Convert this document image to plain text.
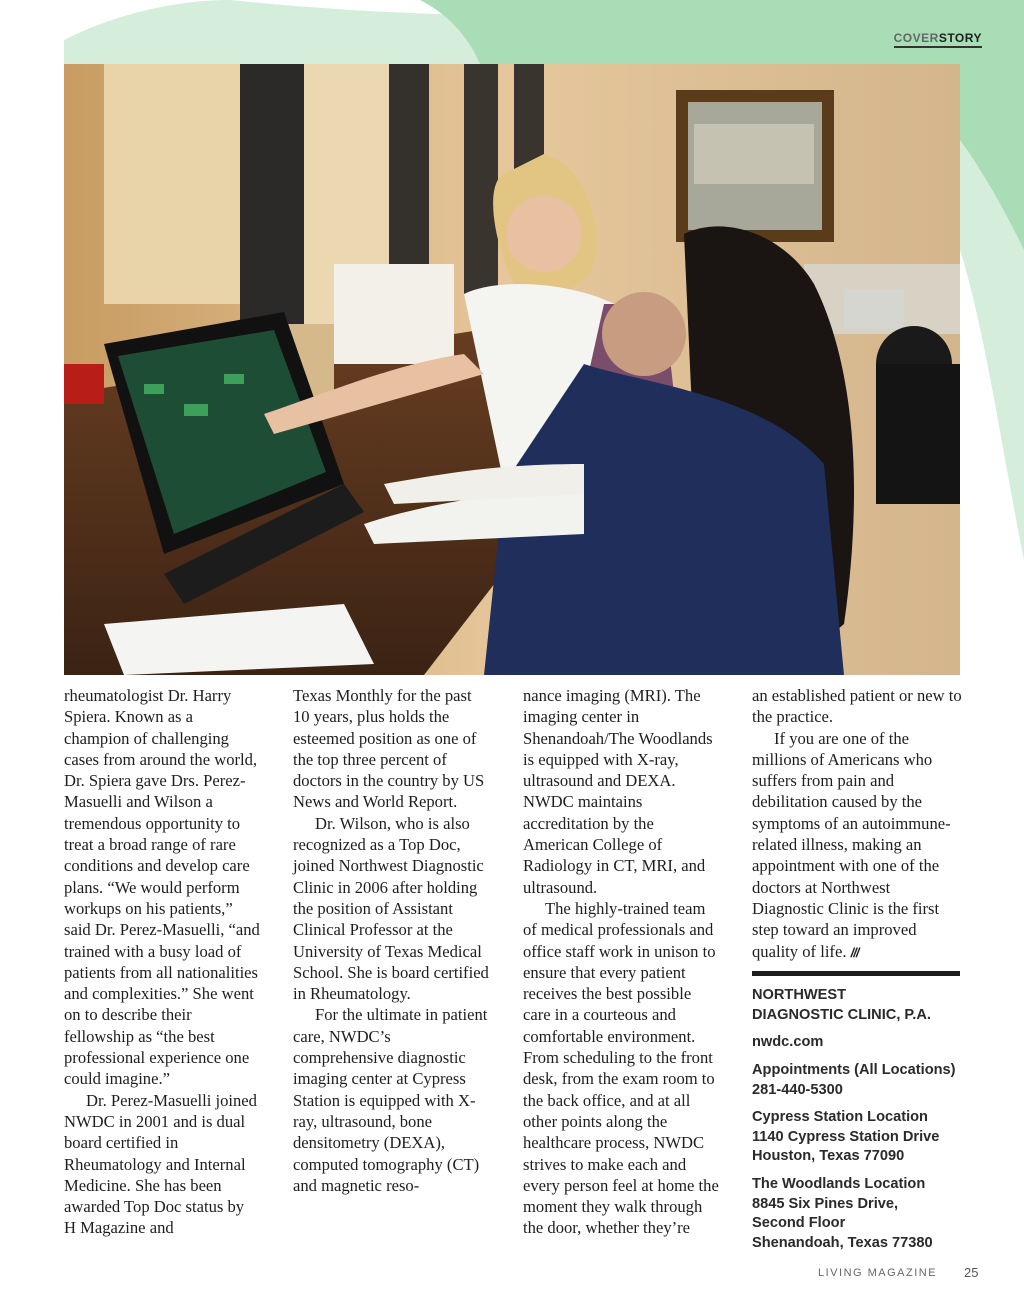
COVERSTORY

rheumatologist Dr. Harry Spiera. Known as a champion of challenging cases from around the world, Dr. Spiera gave Drs. Perez-Masuelli and Wilson a tremendous opportunity to treat a broad range of rare conditions and develop care plans. “We would perform workups on his patients,” said Dr. Perez-Masuelli, “and trained with a busy load of patients from all nationalities and complexities.” She went on to describe their fellowship as “the best professional experience one could imagine.”

Dr. Perez-Masuelli joined NWDC in 2001 and is dual board certified in Rheumatology and Internal Medicine. She has been awarded Top Doc status by H Magazine and

Texas Monthly for the past 10 years, plus holds the esteemed position as one of the top three percent of doctors in the country by US News and World Report.

Dr. Wilson, who is also recognized as a Top Doc, joined Northwest Diagnostic Clinic in 2006 after holding the position of Assistant Clinical Professor at the University of Texas Medical School. She is board certified in Rheumatology.

For the ultimate in patient care, NWDC’s comprehensive diagnostic imaging center at Cypress Station is equipped with X-ray, ultrasound, bone densitometry (DEXA), computed tomography (CT) and magnetic reso-

nance imaging (MRI). The imaging center in Shenandoah/The Woodlands is equipped with X-ray, ultrasound and DEXA. NWDC maintains accreditation by the American College of Radiology in CT, MRI, and ultrasound.

The highly-trained team of medical professionals and office staff work in unison to ensure that every patient receives the best possible care in a courteous and comfortable environment. From scheduling to the front desk, from the exam room to the back office, and at all other points along the healthcare process, NWDC strives to make each and every person feel at home the moment they walk through the door, whether they’re

an established patient or new to the practice.

If you are one of the millions of Americans who suffers from pain and debilitation caused by the symptoms of an autoimmune-related illness, making an appointment with one of the doctors at Northwest Diagnostic Clinic is the first step toward an improved quality of life. ///

NORTHWEST
DIAGNOSTIC CLINIC, P.A.
nwdc.com
Appointments (All Locations)
281-440-5300
Cypress Station Location
1140 Cypress Station Drive
Houston, Texas 77090
The Woodlands Location
8845 Six Pines Drive,
Second Floor
Shenandoah, Texas 77380
LIVING MAGAZINE 25
